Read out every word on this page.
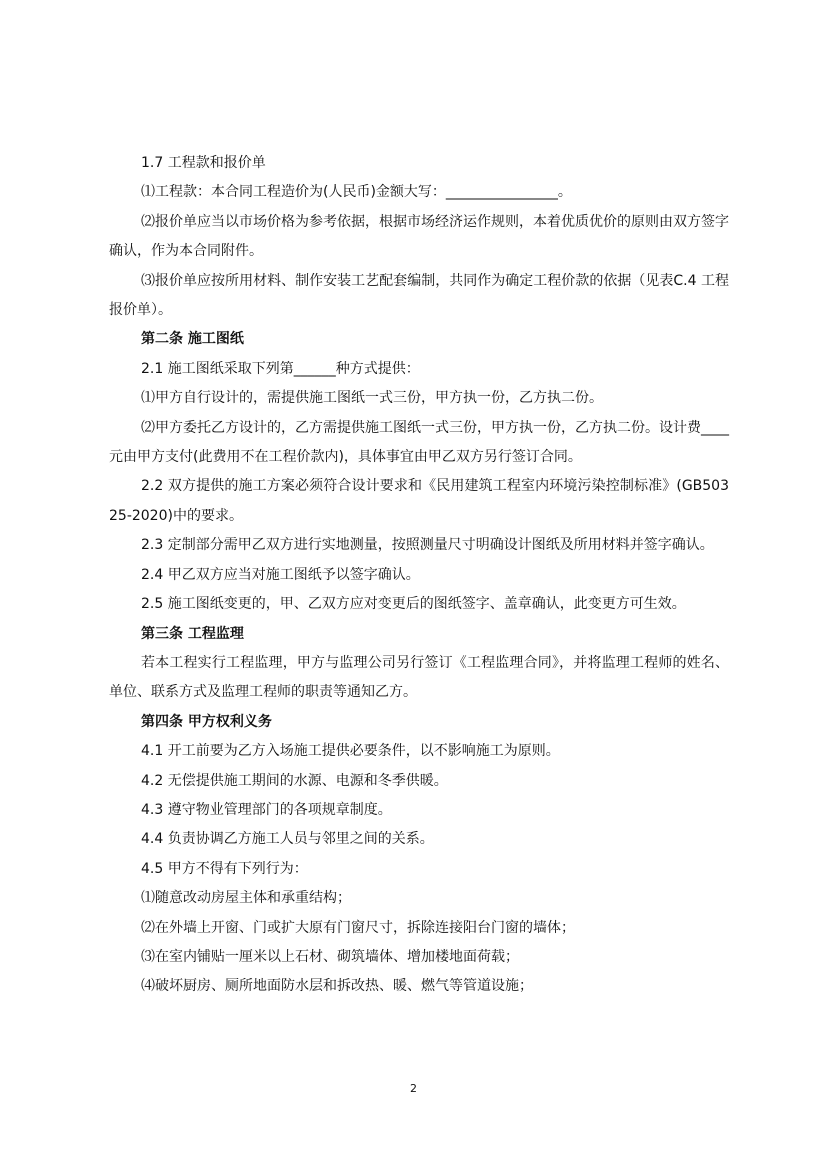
1.7 工程款和报价单

⑴工程款：本合同工程造价为(人民币)金额大写：________________。

⑵报价单应当以市场价格为参考依据，根据市场经济运作规则，本着优质优价的原则由双方签字确认，作为本合同附件。

⑶报价单应按所用材料、制作安装工艺配套编制，共同作为确定工程价款的依据（见表C.4 工程报价单）。

第二条 施工图纸

2.1 施工图纸采取下列第______种方式提供：

⑴甲方自行设计的，需提供施工图纸一式三份，甲方执一份，乙方执二份。

⑵甲方委托乙方设计的，乙方需提供施工图纸一式三份，甲方执一份，乙方执二份。设计费____元由甲方支付(此费用不在工程价款内)，具体事宜由甲乙双方另行签订合同。

2.2 双方提供的施工方案必须符合设计要求和《民用建筑工程室内环境污染控制标准》(GB50325-2020)中的要求。

2.3 定制部分需甲乙双方进行实地测量，按照测量尺寸明确设计图纸及所用材料并签字确认。

2.4 甲乙双方应当对施工图纸予以签字确认。

2.5 施工图纸变更的，甲、乙双方应对变更后的图纸签字、盖章确认，此变更方可生效。

第三条 工程监理

若本工程实行工程监理，甲方与监理公司另行签订《工程监理合同》，并将监理工程师的姓名、单位、联系方式及监理工程师的职责等通知乙方。

第四条 甲方权利义务

4.1 开工前要为乙方入场施工提供必要条件，以不影响施工为原则。

4.2 无偿提供施工期间的水源、电源和冬季供暖。

4.3 遵守物业管理部门的各项规章制度。

4.4 负责协调乙方施工人员与邻里之间的关系。

4.5 甲方不得有下列行为：

⑴随意改动房屋主体和承重结构；

⑵在外墙上开窗、门或扩大原有门窗尺寸，拆除连接阳台门窗的墙体；

⑶在室内铺贴一厘米以上石材、砌筑墙体、增加楼地面荷载；

⑷破坏厨房、厕所地面防水层和拆改热、暖、燃气等管道设施；

2
